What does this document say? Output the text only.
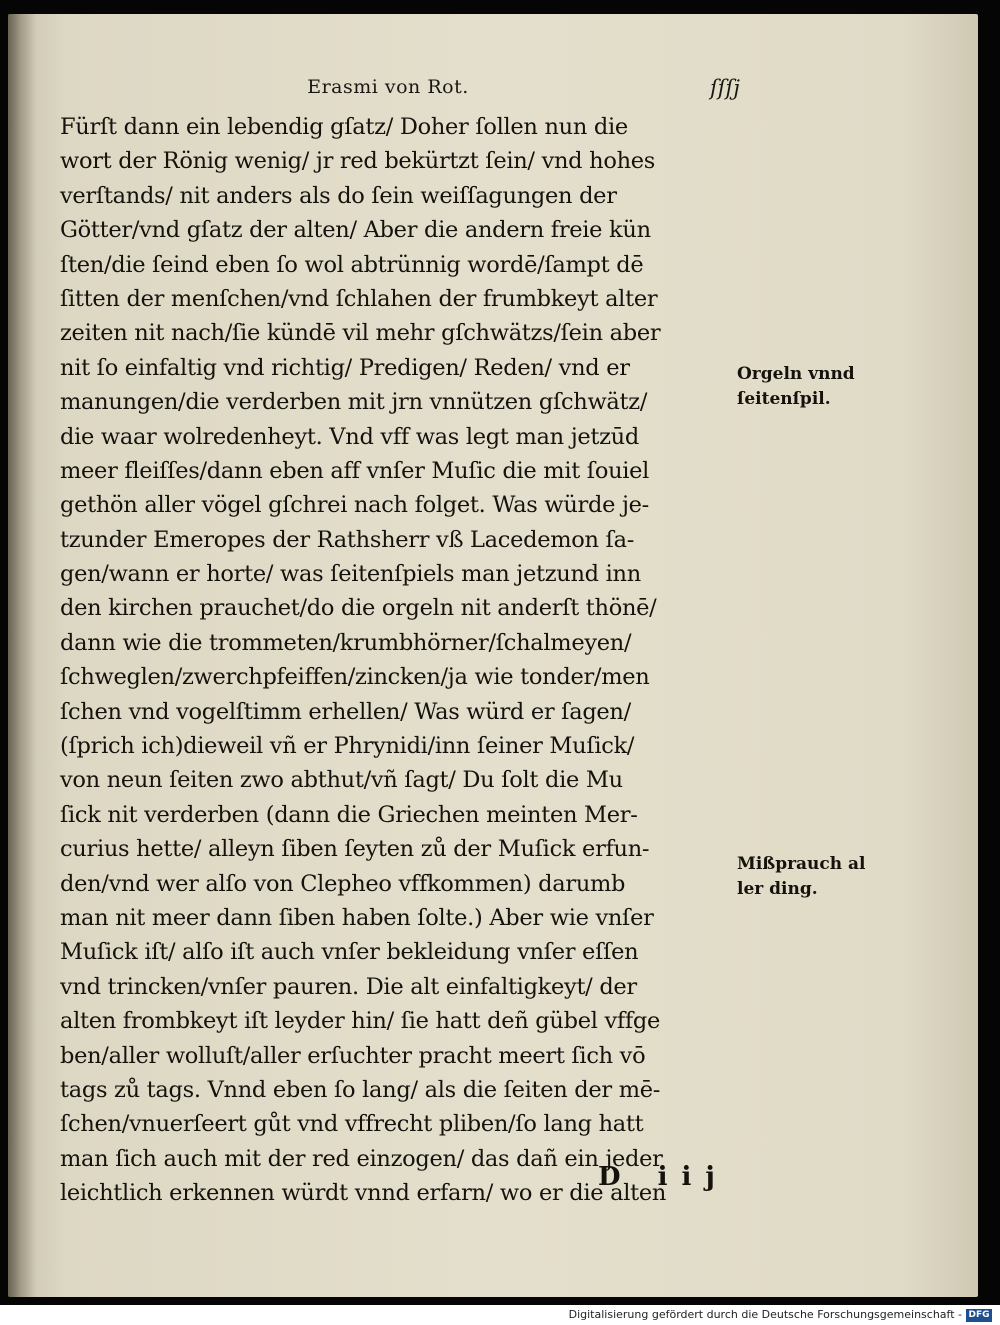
Erasmi von Rot.	ſſſj
Fürſt dann ein lebendig gſatz/ Doher ſollen nun die
wort der Rönig wenig/ jr red bekürtzt ſein/ vnd hohes
verſtands/ nit anders als do ſein weiſſagungen der
Götter/vnd gſatz der alten/ Aber die andern freie kün
ſten/die ſeind eben ſo wol abtrünnig wordē/ſampt dē
ſitten der menſchen/vnd ſchlahen der frumbkeyt alter
zeiten nit nach/ſie kündē vil mehr gſchwätzs/ſein aber
nit ſo einfaltig vnd richtig/ Predigen/ Reden/ vnd er
manungen/die verderben mit jrn vnnützen gſchwätz/
die waar wolredenheyt. Vnd vff was legt man jetzūd
meer fleiſſes/dann eben aff vnſer Muſic die mit ſouiel
gethön aller vögel gſchrei nach folget. Was würde je-
tzunder Emeropes der Rathsherr vß Lacedemon ſa-
gen/wann er horte/ was ſeitenſpiels man jetzund inn
den kirchen prauchet/do die orgeln nit anderſt thönē/
dann wie die trommeten/krumbhörner/ſchalmeyen/
ſchweglen/zwerchpfeiffen/zincken/ja wie tonder/men
ſchen vnd vogelſtimm erhellen/ Was würd er ſagen/
(ſprich ich)dieweil vñ er Phrynidi/inn ſeiner Muſick/
von neun ſeiten zwo abthut/vñ ſagt/ Du ſolt die Mu
ſick nit verderben (dann die Griechen meinten Mer-
curius hette/ alleyn ſiben ſeyten zů der Muſick erfun-
den/vnd wer alſo von Clepheo vffkommen) darumb
man nit meer dann ſiben haben ſolte.) Aber wie vnſer
Muſick iſt/ alſo iſt auch vnſer bekleidung vnſer eſſen
vnd trincken/vnſer pauren. Die alt einfaltigkeyt/ der
alten frombkeyt iſt leyder hin/ ſie hatt deñ gübel vffge
ben/aller wolluſt/aller erſuchter pracht meert ſich vō
tags zů tags. Vnnd eben ſo lang/ als die ſeiten der mē-
ſchen/vnuerſeert gůt vnd vffrecht pliben/ſo lang hatt
man ſich auch mit der red einzogen/ das dañ ein jeder
leichtlich erkennen würdt vnnd erfarn/ wo er die alten
Orgeln vnnd
ſeitenſpil.
Mißprauch al
ler ding.
D iij
Digitalisierung gefördert durch die Deutsche Forschungsgemeinschaft - DFG
